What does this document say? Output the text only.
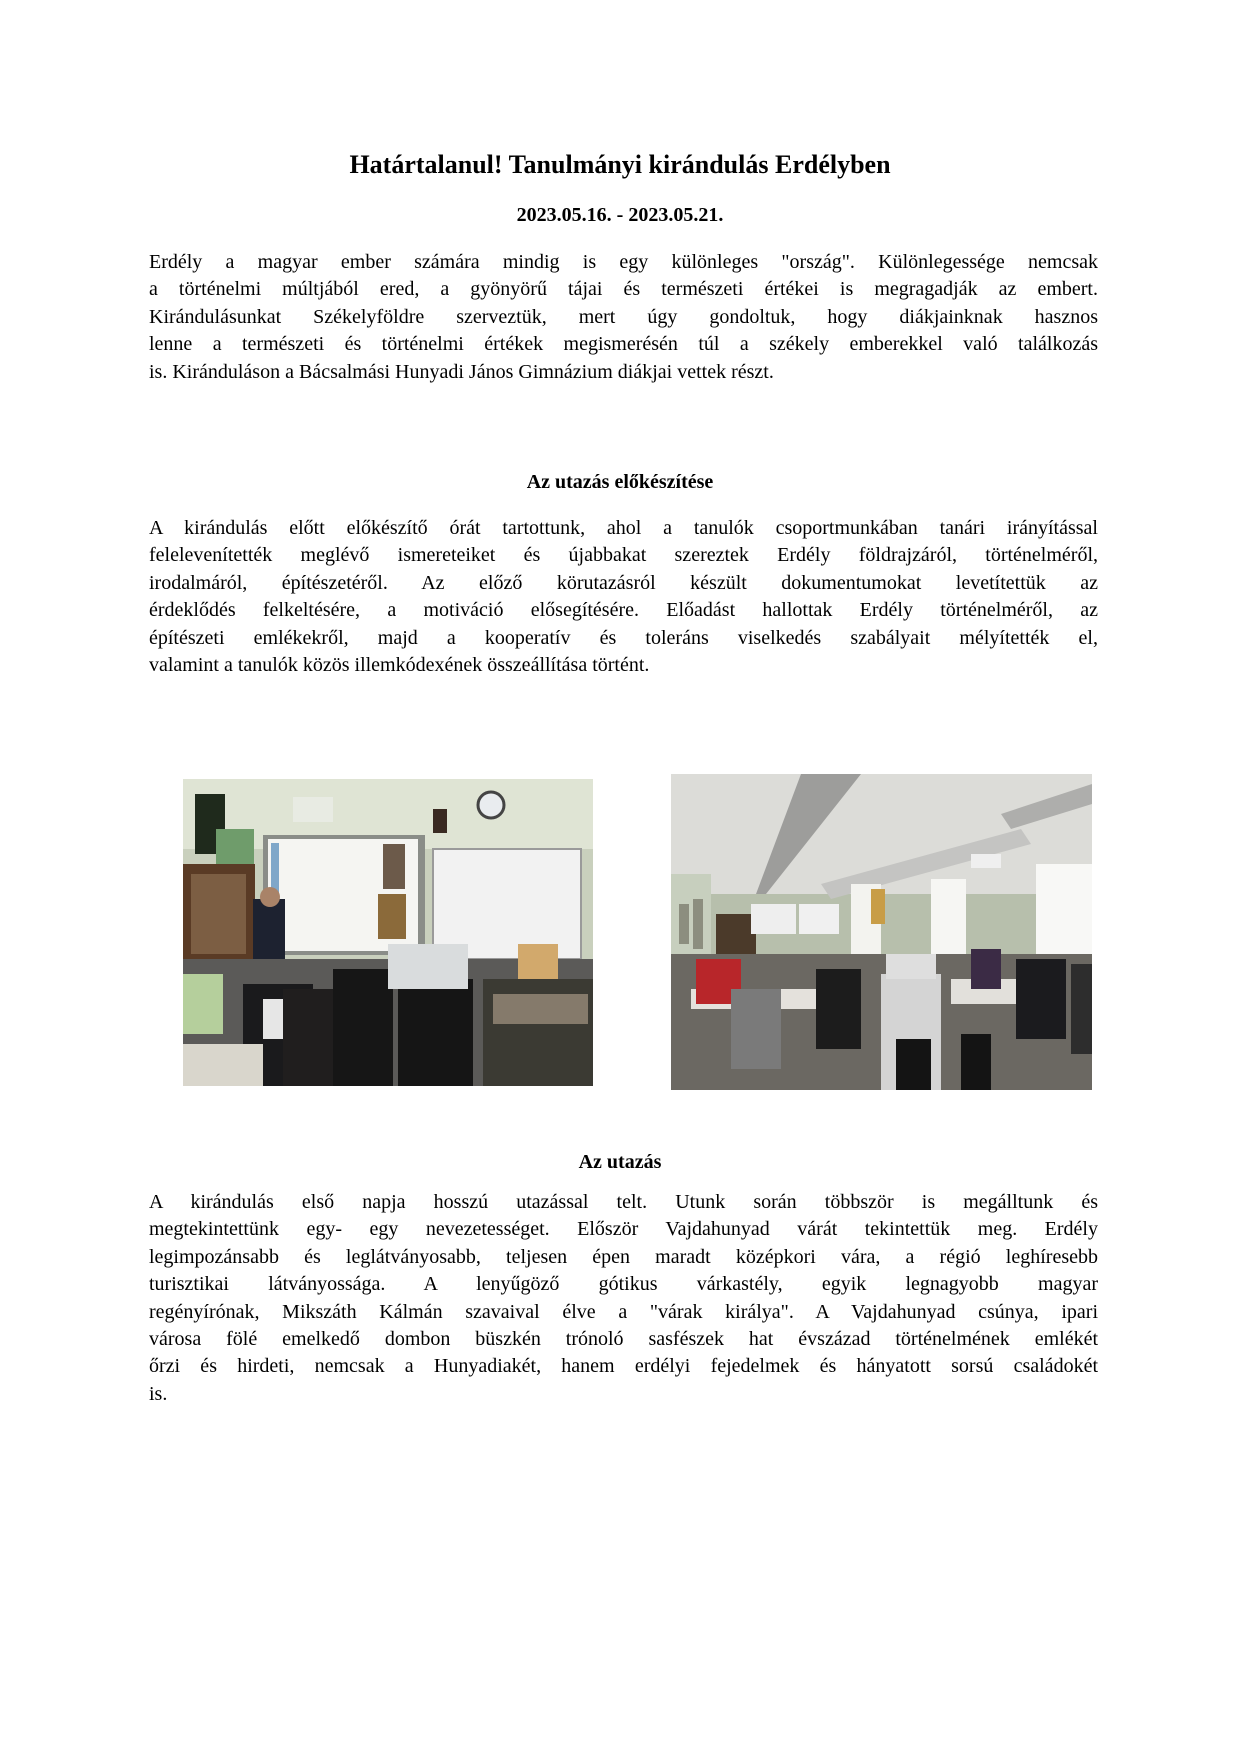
Határtalanul! Tanulmányi kirándulás Erdélyben
2023.05.16. - 2023.05.21.
Erdély a magyar ember számára mindig is egy különleges "ország". Különlegessége nemcsak
a történelmi múltjából ered, a gyönyörű tájai és természeti értékei is megragadják az embert.
Kirándulásunkat Székelyföldre szerveztük, mert úgy gondoltuk, hogy diákjainknak hasznos
lenne a természeti és történelmi értékek megismerésén túl a székely emberekkel való találkozás
is. Kiránduláson a Bácsalmási Hunyadi János Gimnázium diákjai vettek részt.
Az utazás előkészítése
A kirándulás előtt előkészítő órát tartottunk, ahol a tanulók csoportmunkában tanári irányítással
felelevenítették meglévő ismereteiket és újabbakat szereztek Erdély földrajzáról, történelméről,
irodalmáról, építészetéről. Az előző körutazásról készült dokumentumokat levetítettük az
érdeklődés felkeltésére, a motiváció elősegítésére. Előadást hallottak Erdély történelméről, az
építészeti emlékekről, majd a kooperatív és toleráns viselkedés szabályait mélyítették el,
valamint a tanulók közös illemkódexének összeállítása történt.
Az utazás
A kirándulás első napja hosszú utazással telt. Utunk során többször is megálltunk és
megtekintettünk egy- egy nevezetességet. Először Vajdahunyad várát tekintettük meg. Erdély
legimpozánsabb és leglátványosabb, teljesen épen maradt középkori vára, a régió leghíresebb
turisztikai látványossága. A lenyűgöző gótikus várkastély, egyik legnagyobb magyar
regényírónak, Mikszáth Kálmán szavaival élve a "várak királya". A Vajdahunyad csúnya, ipari
városa fölé emelkedő dombon büszkén trónoló sasfészek hat évszázad történelmének emlékét
őrzi és hirdeti, nemcsak a Hunyadiakét, hanem erdélyi fejedelmek és hányatott sorsú családokét
is.
